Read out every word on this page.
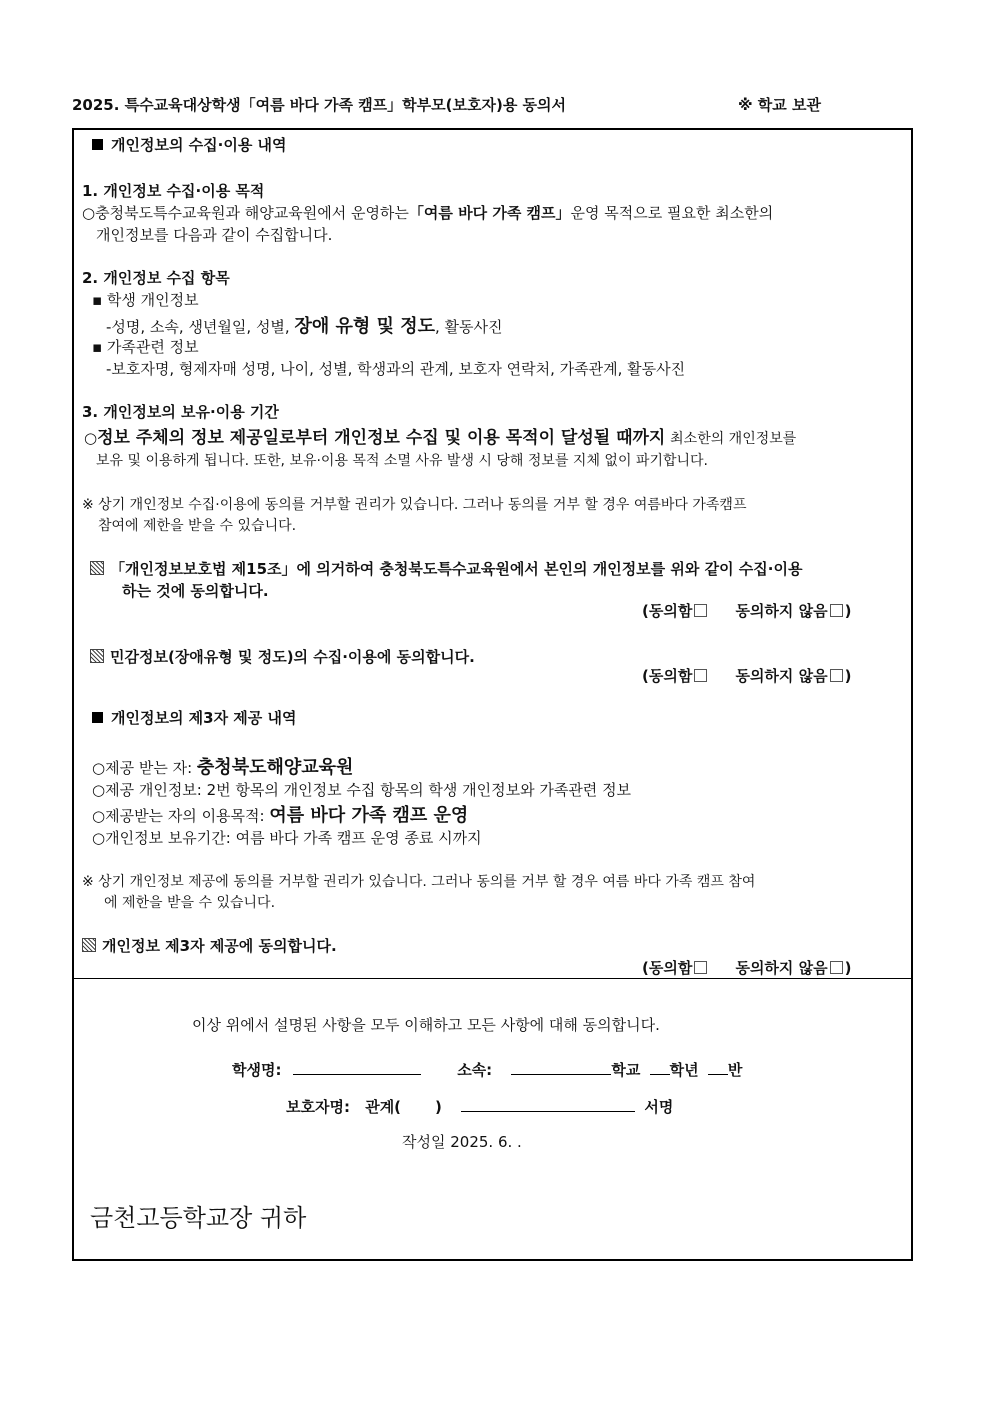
2025. 특수교육대상학생「여름 바다 가족 캠프」학부모(보호자)용 동의서	※ 학교 보관
개인정보의 수집·이용 내역
1. 개인정보 수집·이용 목적
○충청북도특수교육원과 해양교육원에서 운영하는「여름 바다 가족 캠프」운영 목적으로 필요한 최소한의
개인정보를 다음과 같이 수집합니다.
2. 개인정보 수집 항목
▪ 학생 개인정보
-성명, 소속, 생년월일, 성별, 장애 유형 및 정도, 활동사진
▪ 가족관련 정보
-보호자명, 형제자매 성명, 나이, 성별, 학생과의 관계, 보호자 연락처, 가족관계, 활동사진
3. 개인정보의 보유·이용 기간
○정보 주체의 정보 제공일로부터 개인정보 수집 및 이용 목적이 달성될 때까지 최소한의 개인정보를
보유 및 이용하게 됩니다. 또한, 보유·이용 목적 소멸 사유 발생 시 당해 정보를 지체 없이 파기합니다.
※ 상기 개인정보 수집·이용에 동의를 거부할 권리가 있습니다. 그러나 동의를 거부 할 경우 여름바다 가족캠프
참여에 제한을 받을 수 있습니다.
「개인정보보호법 제15조」에 의거하여 충청북도특수교육원에서 본인의 개인정보를 위와 같이 수집·이용
하는 것에 동의합니다.
(동의함	동의하지 않음 )
민감정보(장애유형 및 정도)의 수집·이용에 동의합니다.
(동의함	동의하지 않음 )
개인정보의 제3자 제공 내역
○제공 받는 자: 충청북도해양교육원
○제공 개인정보: 2번 항목의 개인정보 수집 항목의 학생 개인정보와 가족관련 정보
○제공받는 자의 이용목적: 여름 바다 가족 캠프 운영
○개인정보 보유기간: 여름 바다 가족 캠프 운영 종료 시까지
※ 상기 개인정보 제공에 동의를 거부할 권리가 있습니다. 그러나 동의를 거부 할 경우 여름 바다 가족 캠프 참여
에 제한을 받을 수 있습니다.
개인정보 제3자 제공에 동의합니다.
(동의함	동의하지 않음 )
이상 위에서 설명된 사항을 모두 이해하고 모든 사항에 대해 동의합니다.
학생명:	소속:	학교 학년 반
보호자명: 관계( )	서명
작성일 2025. 6. .
금천고등학교장 귀하
